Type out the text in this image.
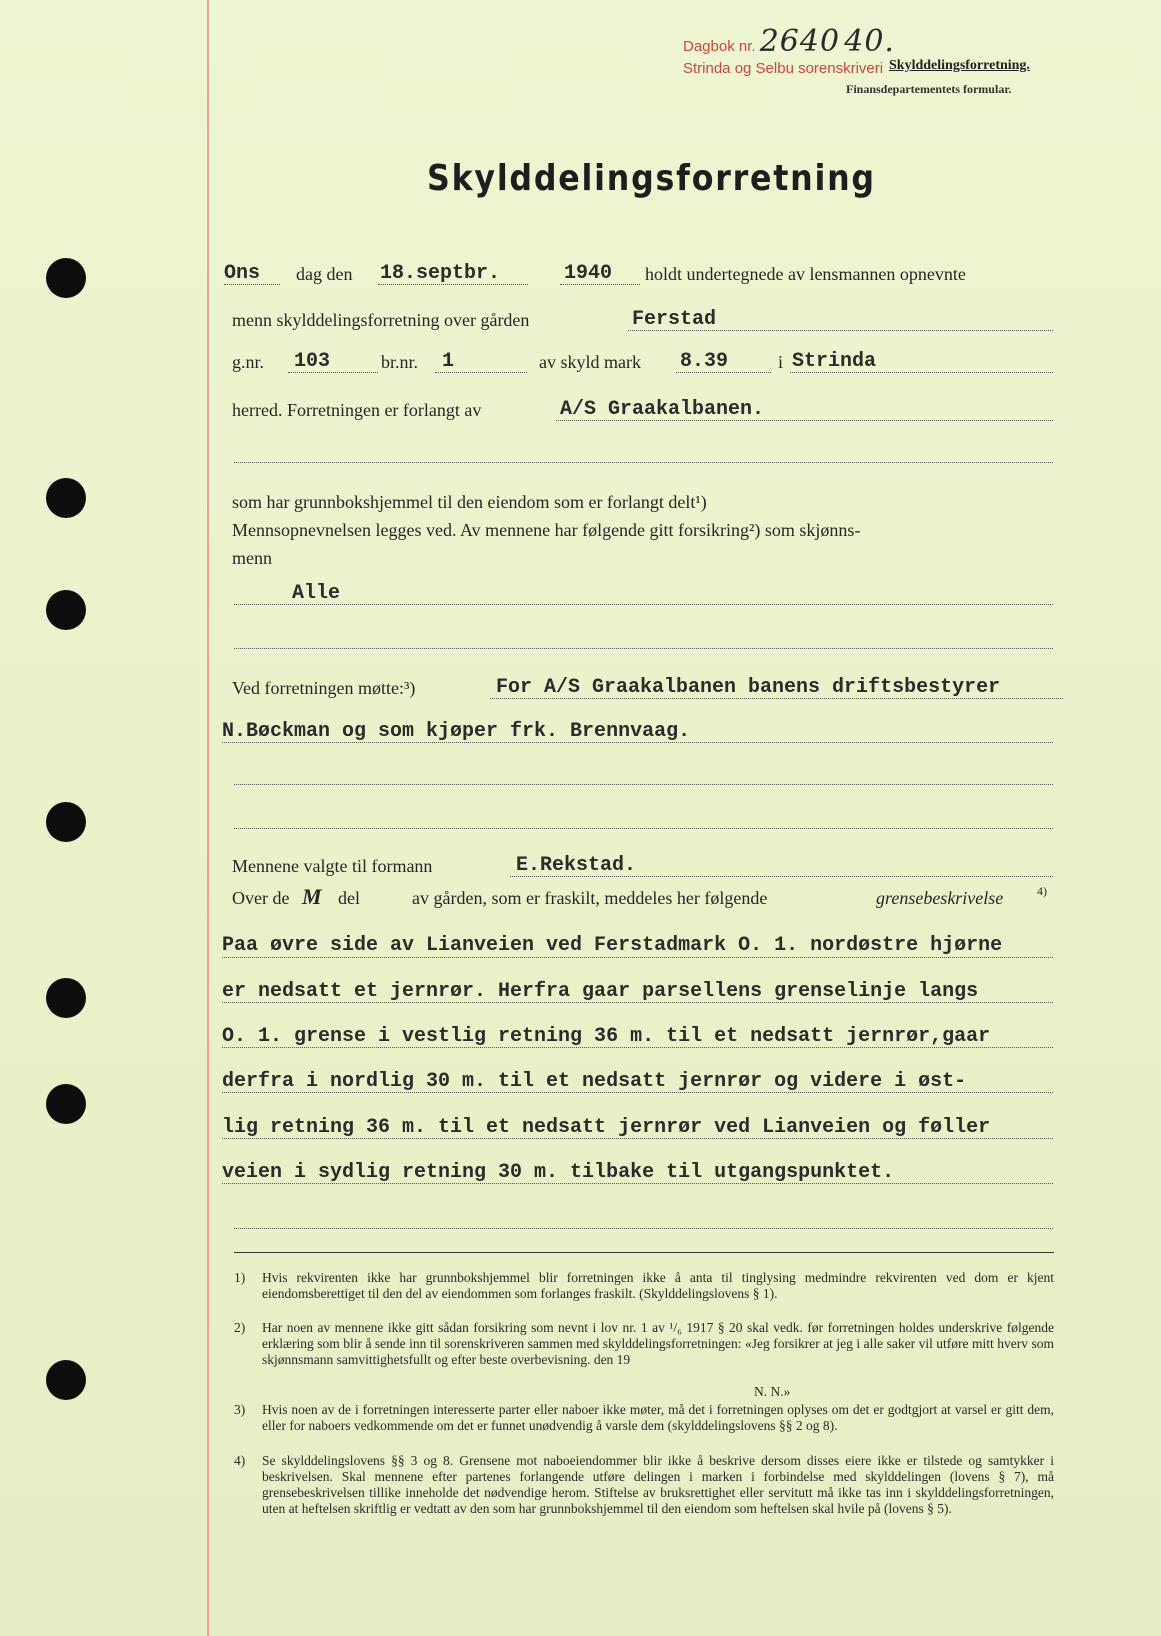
Dagbok nr. 2640 40.
Strinda og Selbu sorenskriveri Skylddelingsforretning.
Finansdepartementets formular.
Skylddelingsforretning
Ons dag den 18.septbr.	1940 holdt undertegnede av lensmannen opnevnte
menn skylddelingsforretning over gården	Ferstad
g.nr. 103	br.nr. 1	av skyld mark 8.39	i Strinda
herred. Forretningen er forlangt av	A/S Graakalbanen.
som har grunnbokshjemmel til den eiendom som er forlangt delt¹)
Mennsopnevnelsen legges ved. Av mennene har følgende gitt forsikring²) som skjønns-
menn
Alle
Ved forretningen møtte:³)	For A/S Graakalbanen banens driftsbestyrer
N.Bøckman og som kjøper frk. Brennvaag.
Mennene valgte til formann	E.Rekstad.
Over de M del	av gården, som er fraskilt, meddeles her følgende	grensebeskrivelse	4)
Paa øvre side av Lianveien ved Ferstadmark O. 1. nordøstre hjørne
er nedsatt et jernrør. Herfra gaar parsellens grenselinje langs
O. 1. grense i vestlig retning 36 m. til et nedsatt jernrør,gaar
derfra i nordlig 30 m. til et nedsatt jernrør og videre i øst-
lig retning 36 m. til et nedsatt jernrør ved Lianveien og føller
veien i sydlig retning 30 m. tilbake til utgangspunktet.
1) Hvis rekvirenten ikke har grunnbokshjemmel blir forretningen ikke å anta til tinglysing medmindre rekvirenten ved dom er kjent eiendomsberettiget til den del av eiendommen som forlanges fraskilt. (Skylddelingslovens § 1).
2) Har noen av mennene ikke gitt sådan forsikring som nevnt i lov nr. 1 av ¹/₆ 1917 § 20 skal vedk. før forretningen holdes underskrive følgende erklæring som blir å sende inn til sorenskriveren sammen med skylddelingsforretningen: «Jeg forsikrer at jeg i alle saker vil utføre mitt hverv som skjønnsmann samvittighetsfullt og efter beste overbevisning. den 19
N. N.»
3) Hvis noen av de i forretningen interesserte parter eller naboer ikke møter, må det i forretningen oplyses om det er godtgjort at varsel er gitt dem, eller for naboers vedkommende om det er funnet unødvendig å varsle dem (skylddelingslovens §§ 2 og 8).
4) Se skylddelingslovens §§ 3 og 8. Grensene mot naboeiendommer blir ikke å beskrive dersom disses eiere ikke er tilstede og samtykker i beskrivelsen. Skal mennene efter partenes forlangende utføre delingen i marken i forbindelse med skylddelingen (lovens § 7), må grensebeskrivelsen tillike inneholde det nødvendige herom. Stiftelse av bruksrettighet eller servitutt må ikke tas inn i skylddelingsforretningen, uten at heftelsen skriftlig er vedtatt av den som har grunnbokshjemmel til den eiendom som heftelsen skal hvile på (lovens § 5).
